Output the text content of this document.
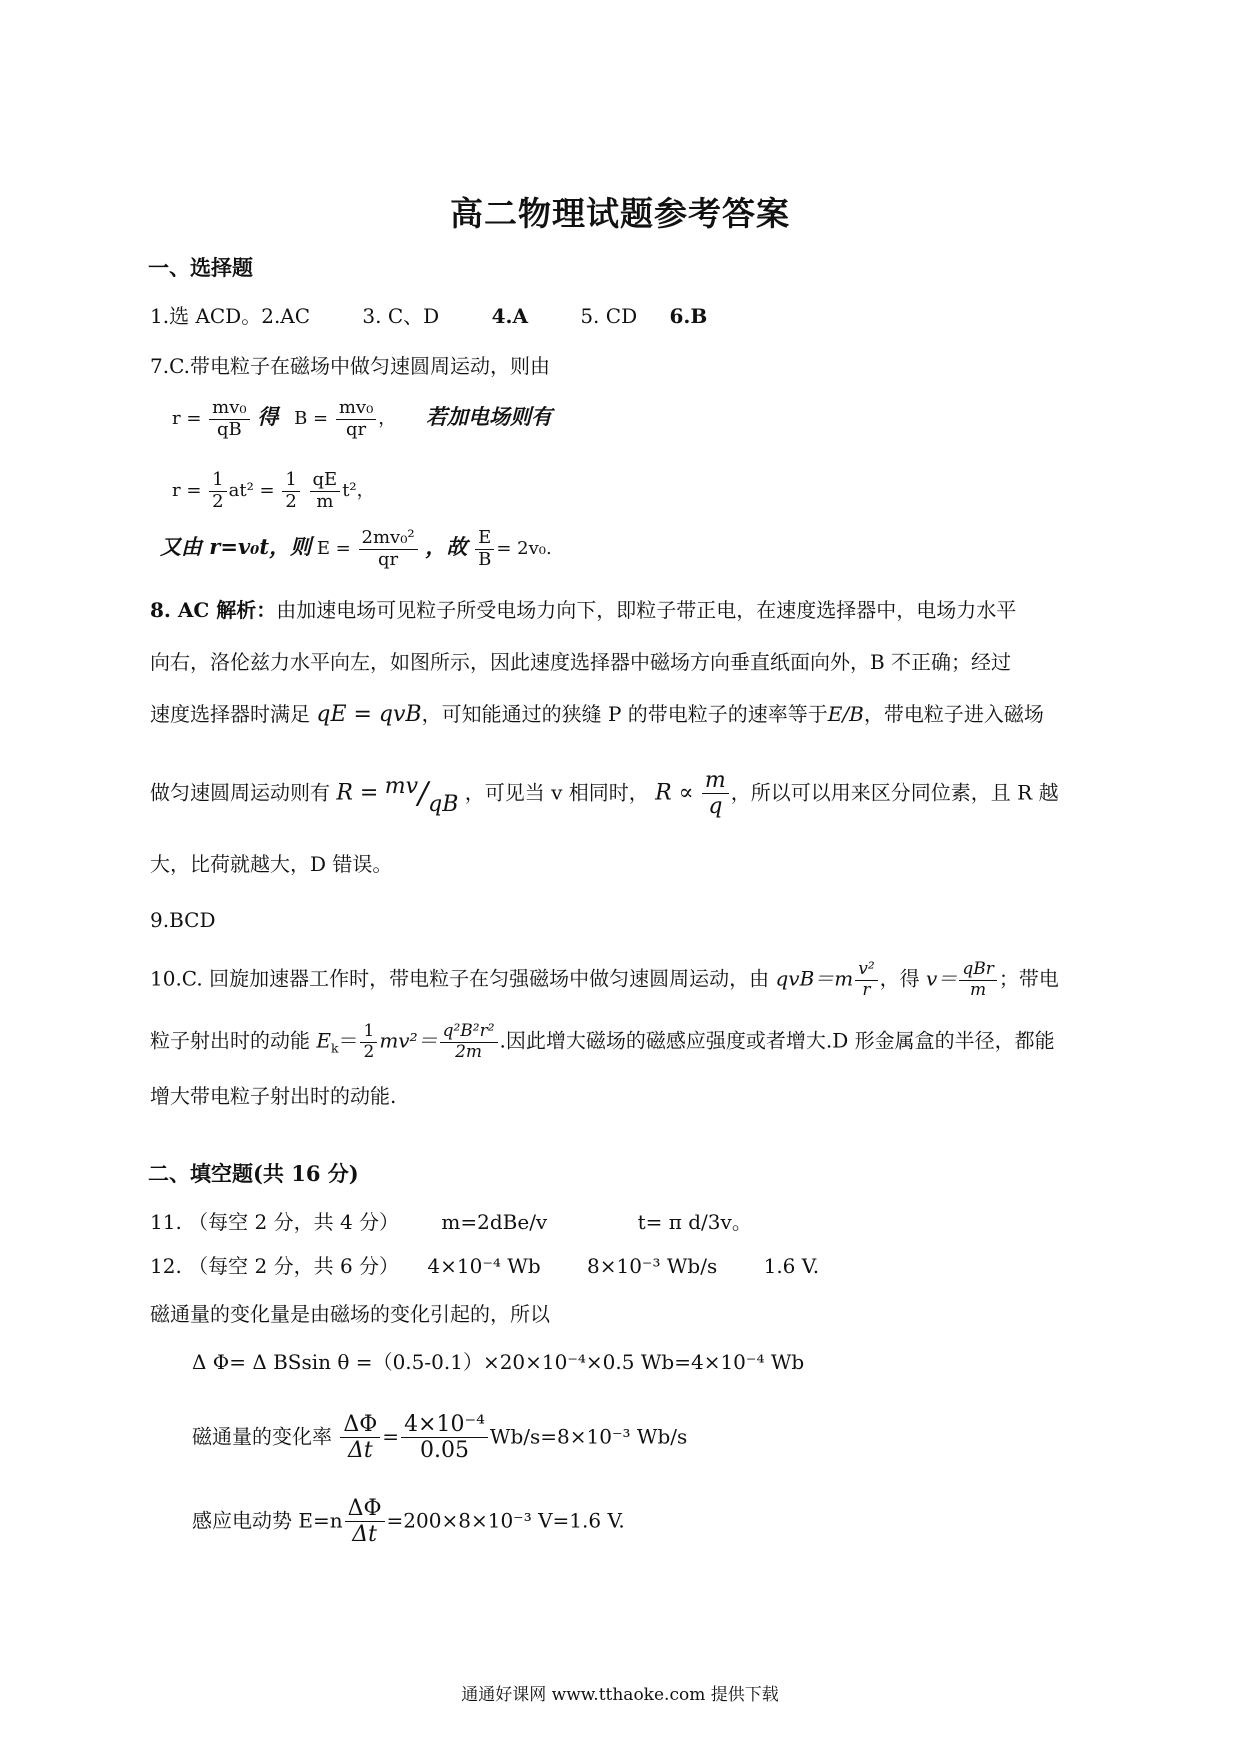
高二物理试题参考答案
一、选择题
1.选 ACD。2.AC	3. C、D	4.A	5. CD 6.B
7.C.带电粒子在磁场中做匀速圆周运动，则由
$r = \frac{\text{mv₀}}{qB}$ 得 $B = \frac{\text{mv₀}}{qr}$ ， 若加电场则有
$r = \frac{1}{2} at^2 = \frac{1}{2}$
$\frac{qE}{m} t^2$，
又由 r=v₀t，则 $E = \frac{\text{2mv₀²}}{qr}$ ，故 $\frac{E}{B} = 2v_0$.
8. AC 解析：由加速电场可见粒子所受电场力向下，即粒子带正电，在速度选择器中，电场力水平
向右，洛伦兹力水平向左，如图所示，因此速度选择器中磁场方向垂直纸面向外，B 不正确；经过
速度选择器时满足 qE = qvB，可知能通过的狭缝 P 的带电粒子的速率等于E/B，带电粒子进入磁场
做匀速圆周运动则有 R = mv/qB ，可见当 v 相同时， $R \propto \frac{m}{q}$ ，所以可以用来区分同位素，且 R 越
大，比荷就越大，D 错误。
9.BCD
10.C. 回旋加速器工作时，带电粒子在匀强磁场中做匀速圆周运动，由 $qvB=m \frac{\text{v²}}{r}$ ，得 $v= \frac{\text{qBr}}{m}$ ；带电
粒子射出时的动能 $E_k= \frac{1}{2} mv^2= \frac{\text{q²B²r²}}{2m}$ .因此增大磁场的磁感应强度或者增大.D 形金属盒的半径，都能
增大带电粒子射出时的动能.
二、填空题(共 16 分)
11. （每空 2 分，共 4 分） m=2dBe/v	t= π d/3v。
12. （每空 2 分，共 6 分） 4×10⁻⁴ Wb 8×10⁻³ Wb/s 1.6 V.
磁通量的变化量是由磁场的变化引起的，所以
Δ Φ= Δ BSsin θ =（0.5-0.1）×20×10⁻⁴×0.5 Wb=4×10⁻⁴ Wb
磁通量的变化率 $\frac{\Delta\Phi}{\Delta t} = \frac{\text{4×10⁻⁴}}{0.05} Wb/s=8\times 10^{-3}$ Wb/s
感应电动势 $E=n \frac{\Delta\Phi}{\Delta t} =200\times 8\times 10^{-3}$ V=1.6 V.
通通好课网 www.tthaoke.com 提供下载
